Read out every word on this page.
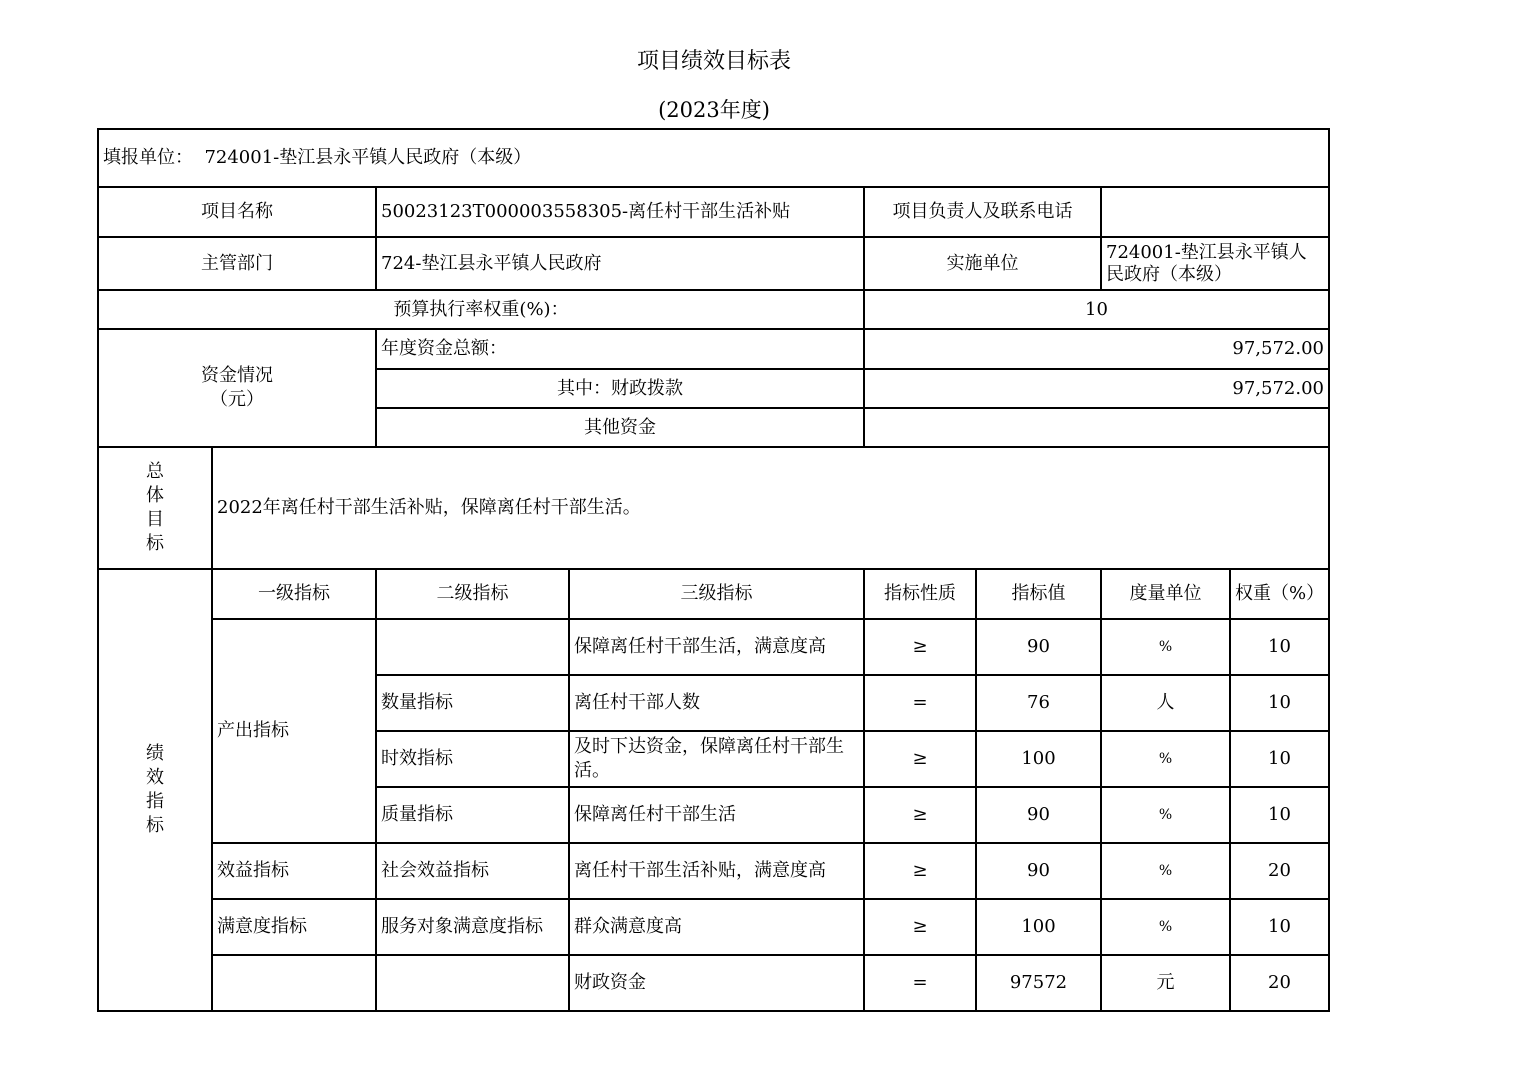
项目绩效目标表
(2023年度)
填报单位： 724001-垫江县永平镇人民政府（本级）							
项目名称		50023123T000003558305-离任村干部生活补贴		项目负责人及联系电话			
主管部门		724-垫江县永平镇人民政府		实施单位		724001-垫江县永平镇人民政府（本级）	
预算执行率权重(%)：				10			

资金情况
（元）		年度资金总额：		97,572.00			
		其中：财政拨款		97,572.00			
		其他资金					

总
体
目
标	2022年离任村干部生活补贴，保障离任村干部生活。						

绩
效
指
标	一级指标	二级指标	三级指标	指标性质	指标值	度量单位	权重（%）
	产出指标		保障离任村干部生活，满意度高	≥	90	%	10
		数量指标	离任村干部人数	=	76	人	10
		时效指标	及时下达资金，保障离任村干部生活。	≥	100	%	10
		质量指标	保障离任村干部生活	≥	90	%	10
	效益指标	社会效益指标	离任村干部生活补贴，满意度高	≥	90	%	20
	满意度指标	服务对象满意度指标	群众满意度高	≥	100	%	10
			财政资金	=	97572	元	20
